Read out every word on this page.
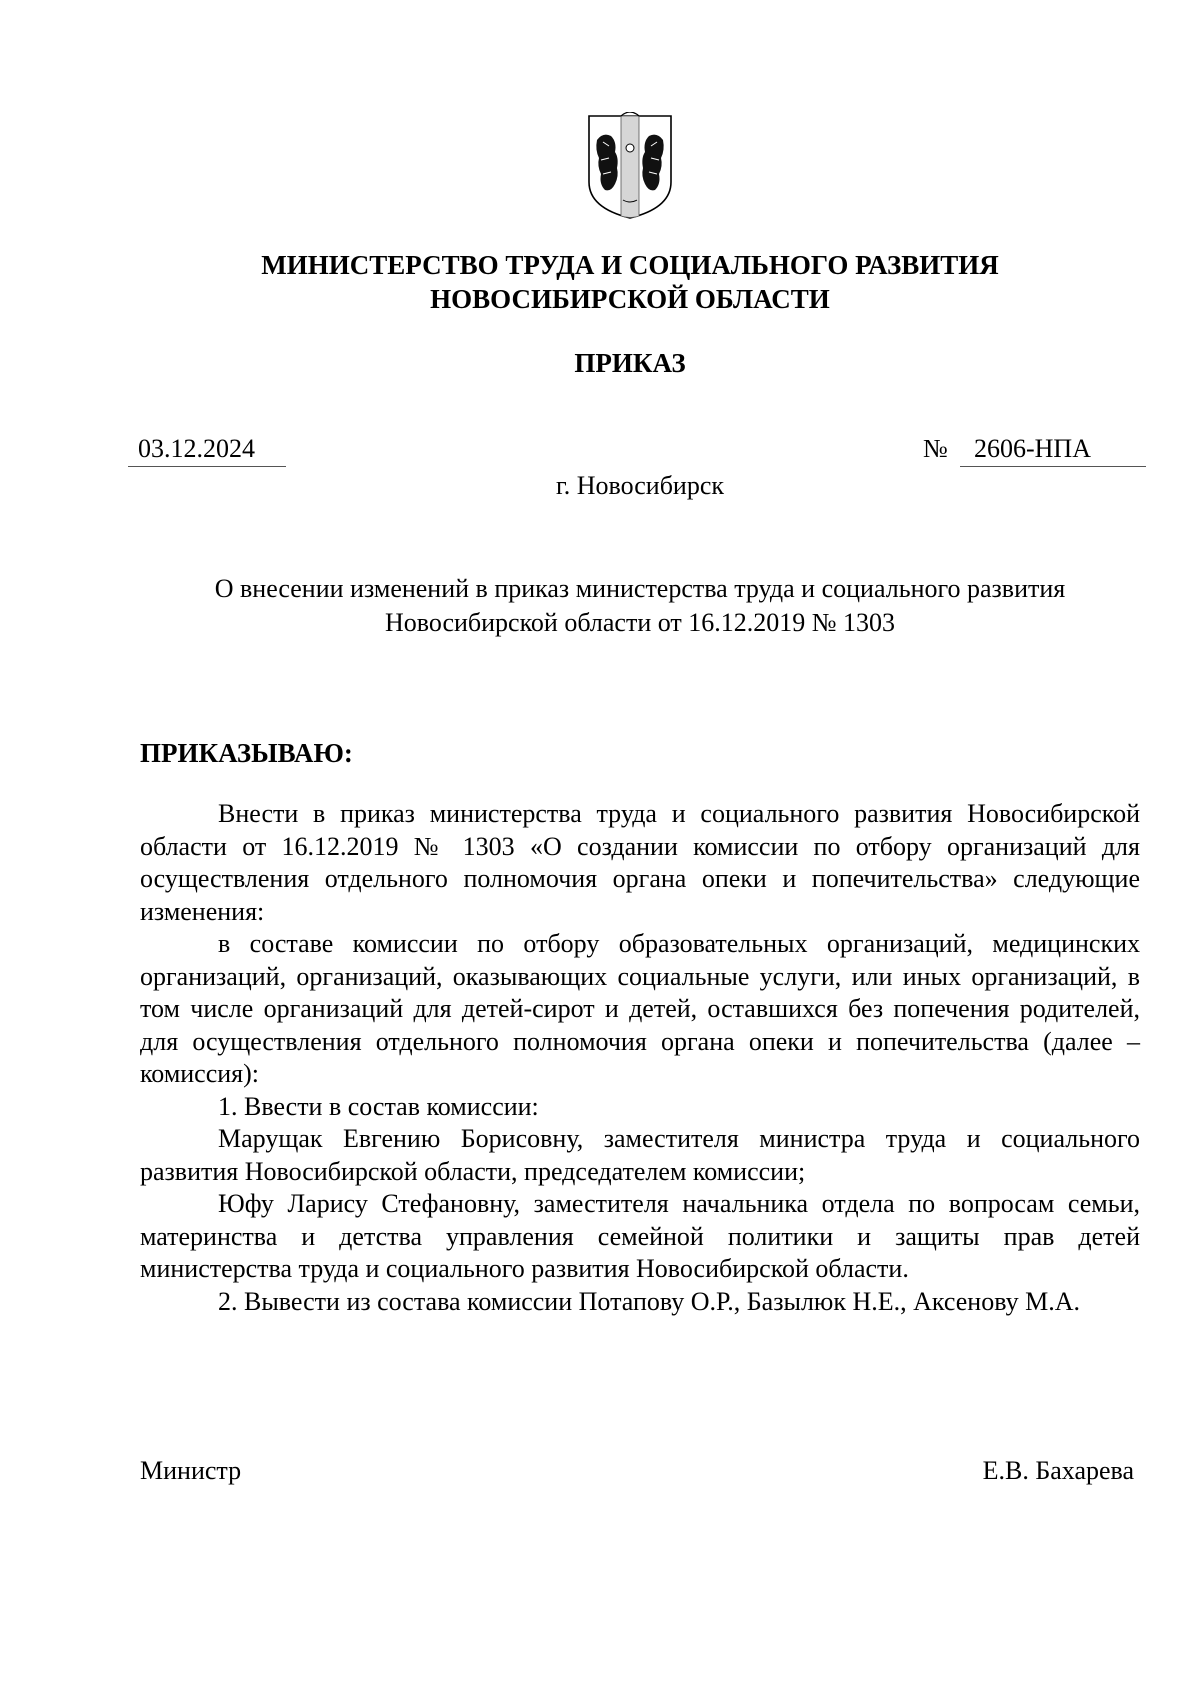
МИНИСТЕРСТВО ТРУДА И СОЦИАЛЬНОГО РАЗВИТИЯ
НОВОСИБИРСКОЙ ОБЛАСТИ
ПРИКАЗ
03.12.2024	№ 2606-НПА
г. Новосибирск
О внесении изменений в приказ министерства труда и социального развития Новосибирской области от 16.12.2019 № 1303
ПРИКАЗЫВАЮ:

Внести в приказ министерства труда и социального развития Новосибирской области от 16.12.2019 № 1303 «О создании комиссии по отбору организаций для осуществления отдельного полномочия органа опеки и попечительства» следующие изменения:

в составе комиссии по отбору образовательных организаций, медицинских организаций, организаций, оказывающих социальные услуги, или иных организаций, в том числе организаций для детей-сирот и детей, оставшихся без попечения родителей, для осуществления отдельного полномочия органа опеки и попечительства (далее – комиссия):

1. Ввести в состав комиссии:

Марущак Евгению Борисовну, заместителя министра труда и социального развития Новосибирской области, председателем комиссии;

Юфу Ларису Стефановну, заместителя начальника отдела по вопросам семьи, материнства и детства управления семейной политики и защиты прав детей министерства труда и социального развития Новосибирской области.

2. Вывести из состава комиссии Потапову О.Р., Базылюк Н.Е., Аксенову М.А.

Министр	Е.В. Бахарева
